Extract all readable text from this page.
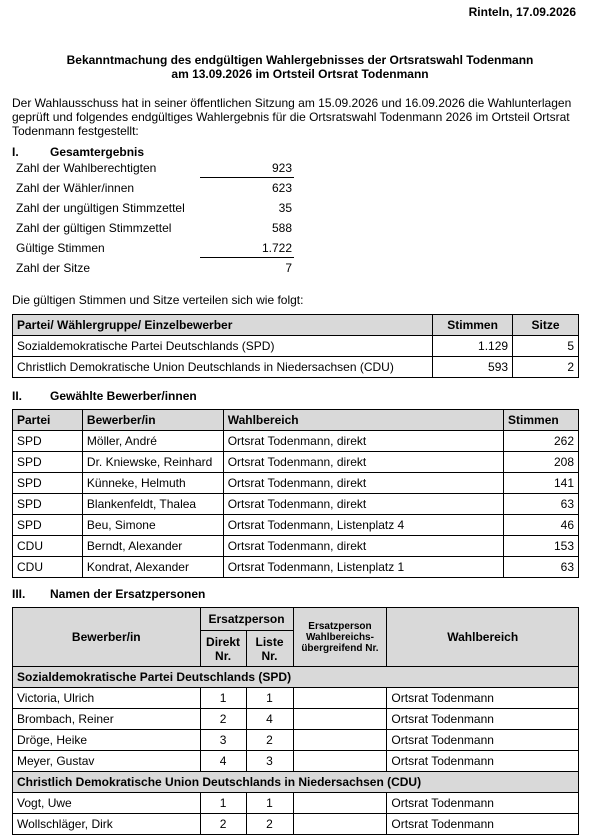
Rinteln, 17.09.2026
Bekanntmachung des endgültigen Wahlergebnisses der Ortsratswahl Todenmann
am 13.09.2026 im Ortsteil Ortsrat Todenmann
Der Wahlausschuss hat in seiner öffentlichen Sitzung am 15.09.2026 und 16.09.2026 die Wahlunterlagen
geprüft und folgendes endgültiges Wahlergebnis für die Ortsratswahl Todenmann 2026 im Ortsteil Ortsrat
Todenmann festgestellt:
I.	Gesamtergebnis
Zahl der Wahlberechtigten	923
Zahl der Wähler/innen	623
Zahl der ungültigen Stimmzettel	35
Zahl der gültigen Stimmzettel	588
Gültige Stimmen	1.722
Zahl der Sitze	7
Die gültigen Stimmen und Sitze verteilen sich wie folgt:
Partei/ Wählergruppe/ Einzelbewerber	Stimmen	Sitze
Sozialdemokratische Partei Deutschlands (SPD)	1.129	5
Christlich Demokratische Union Deutschlands in Niedersachsen (CDU)	593	2
II. Gewählte Bewerber/innen
Partei	Bewerber/in	Wahlbereich	Stimmen
SPD	Möller, André	Ortsrat Todenmann, direkt	262
SPD	Dr. Kniewske, Reinhard	Ortsrat Todenmann, direkt	208
SPD	Künneke, Helmuth	Ortsrat Todenmann, direkt	141
SPD	Blankenfeldt, Thalea	Ortsrat Todenmann, direkt	63
SPD	Beu, Simone	Ortsrat Todenmann, Listenplatz 4	46
CDU	Berndt, Alexander	Ortsrat Todenmann, direkt	153
CDU	Kondrat, Alexander	Ortsrat Todenmann, Listenplatz 1	63
III. Namen der Ersatzpersonen
Bewerber/in	Ersatzperson		Ersatzperson Wahlbereichs-übergreifend Nr.	Wahlbereich
	Direkt Nr.	Liste Nr.		
Sozialdemokratische Partei Deutschlands (SPD)				
Victoria, Ulrich	1	1		Ortsrat Todenmann
Brombach, Reiner	2	4		Ortsrat Todenmann
Dröge, Heike	3	2		Ortsrat Todenmann
Meyer, Gustav	4	3		Ortsrat Todenmann
Christlich Demokratische Union Deutschlands in Niedersachsen (CDU)				
Vogt, Uwe	1	1		Ortsrat Todenmann
Wollschläger, Dirk	2	2		Ortsrat Todenmann
